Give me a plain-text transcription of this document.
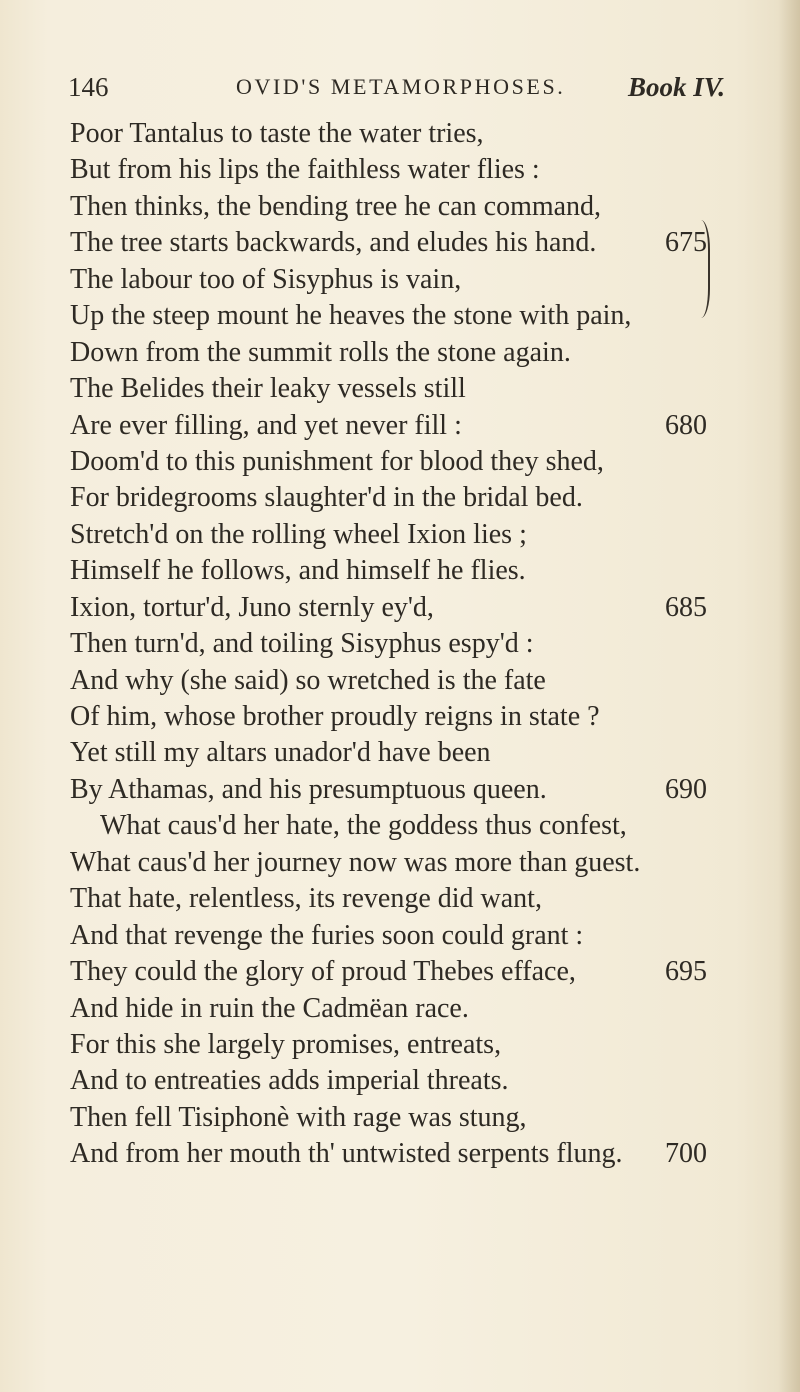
146	OVID'S METAMORPHOSES. Book IV.
Poor Tantalus to taste the water tries,
But from his lips the faithless water flies :
Then thinks, the bending tree he can command,
The tree starts backwards, and eludes his hand. 675
The labour too of Sisyphus is vain,
Up the steep mount he heaves the stone with pain,
Down from the summit rolls the stone again.
The Belides their leaky vessels still
Are ever filling, and yet never fill :	680
Doom'd to this punishment for blood they shed,
For bridegrooms slaughter'd in the bridal bed.
Stretch'd on the rolling wheel Ixion lies ;
Himself he follows, and himself he flies.
Ixion, tortur'd, Juno sternly ey'd,	685
Then turn'd, and toiling Sisyphus espy'd :
And why (she said) so wretched is the fate
Of him, whose brother proudly reigns in state ?
Yet still my altars unador'd have been
By Athamas, and his presumptuous queen.	690
What caus'd her hate, the goddess thus confest,
What caus'd her journey now was more than guest.
That hate, relentless, its revenge did want,
And that revenge the furies soon could grant :
They could the glory of proud Thebes efface,	695
And hide in ruin the Cadmëan race.
For this she largely promises, entreats,
And to entreaties adds imperial threats.
Then fell Tisiphonè with rage was stung,
And from her mouth th' untwisted serpents flung. 700
